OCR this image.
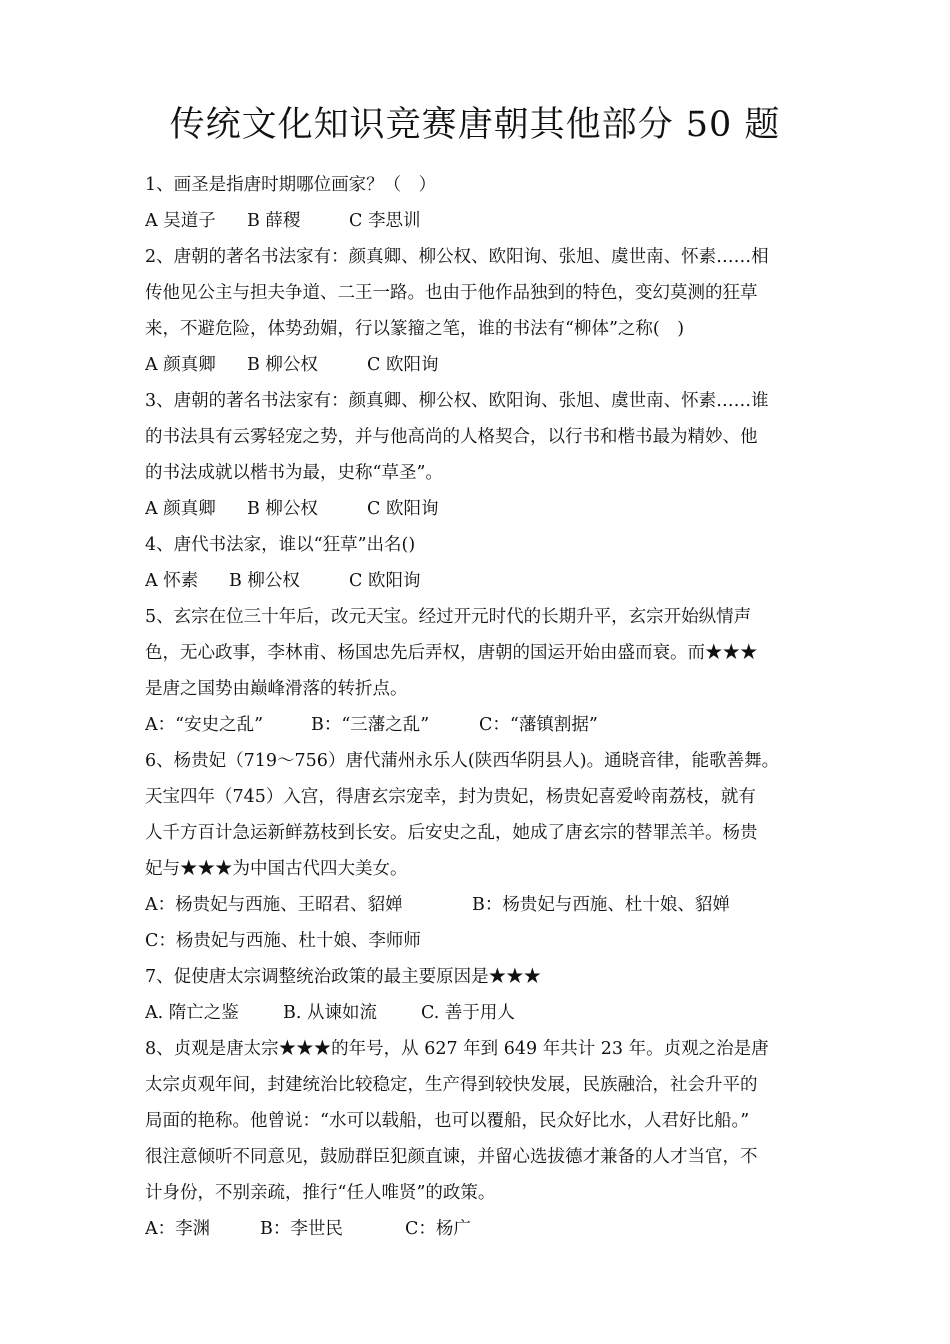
传统文化知识竞赛唐朝其他部分 50 题
1、画圣是指唐时期哪位画家？（　）
A 吴道子 B 薛稷	C 李思训
2、唐朝的著名书法家有：颜真卿、柳公权、欧阳询、张旭、虞世南、怀素……相
传他见公主与担夫争道、二王一路。也由于他作品独到的特色，变幻莫测的狂草
来，不避危险，体势劲媚，行以篆籀之笔，谁的书法有“柳体”之称(　)
A 颜真卿 B 柳公权	C 欧阳询
3、唐朝的著名书法家有：颜真卿、柳公权、欧阳询、张旭、虞世南、怀素……谁
的书法具有云雾轻宠之势，并与他高尚的人格契合，以行书和楷书最为精妙、他
的书法成就以楷书为最，史称“草圣”。
A 颜真卿 B 柳公权	C 欧阳询
4、唐代书法家，谁以“狂草”出名()
A 怀素 B 柳公权	C 欧阳询
5、玄宗在位三十年后，改元天宝。经过开元时代的长期升平，玄宗开始纵情声
色，无心政事，李林甫、杨国忠先后弄权，唐朝的国运开始由盛而衰。而★★★
是唐之国势由巅峰滑落的转折点。
A：“安史之乱”	B：“三藩之乱”	C：“藩镇割据”
6、杨贵妃（719～756）唐代蒲州永乐人(陕西华阴县人)。通晓音律，能歌善舞。
天宝四年（745）入宫，得唐玄宗宠幸，封为贵妃，杨贵妃喜爱岭南荔枝，就有
人千方百计急运新鲜荔枝到长安。后安史之乱，她成了唐玄宗的替罪羔羊。杨贵
妃与★★★为中国古代四大美女。
A：杨贵妃与西施、王昭君、貂婵	B：杨贵妃与西施、杜十娘、貂婵
C：杨贵妃与西施、杜十娘、李师师
7、促使唐太宗调整统治政策的最主要原因是★★★
A. 隋亡之鉴	B. 从谏如流	C. 善于用人
8、贞观是唐太宗★★★的年号，从 627 年到 649 年共计 23 年。贞观之治是唐
太宗贞观年间，封建统治比较稳定，生产得到较快发展，民族融洽，社会升平的
局面的艳称。他曾说：“水可以载船，也可以覆船，民众好比水，人君好比船。”
很注意倾听不同意见，鼓励群臣犯颜直谏，并留心选拔德才兼备的人才当官，不
计身份，不别亲疏，推行“任人唯贤”的政策。
A：李渊	B：李世民	C：杨广
